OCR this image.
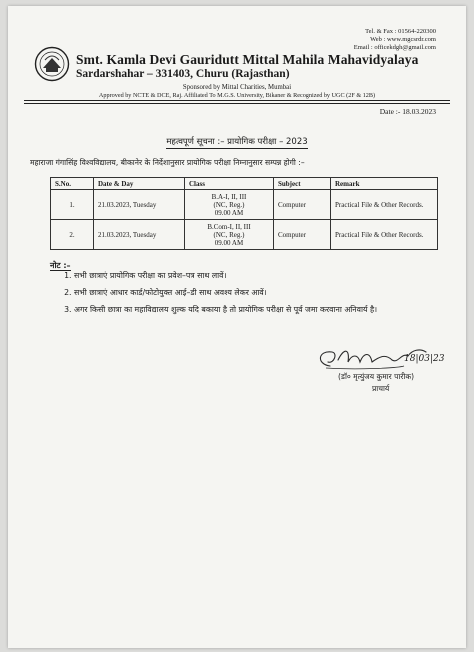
Tel. & Fax : 01564-220300
Web : www.mgcsrdr.com
Email : officekdgh@gmail.com
Smt. Kamla Devi Gauridutt Mittal Mahila Mahavidyalaya
Sardarshahar – 331403, Churu (Rajasthan)
Sponsored by Mittal Charities, Mumbai
Approved by NCTE & DCE, Raj. Affiliated To M.G.S. University, Bikaner & Recognized by UGC (2F & 12B)
Date :- 18.03.2023
महत्वपूर्ण सूचना :– प्रायोगिक परीक्षा – 2023
महाराजा गंगासिंह विश्वविद्यालय, बीकानेर के निर्देशानुसार प्रायोगिक परीक्षा निम्नानुसार सम्पन्न होगी :–
S.No.	Date & Day	Class	Subject	Remark
1.	21.03.2023, Tuesday	B.A-I, II, III
(NC, Reg.)
09.00 AM	Computer	Practical File & Other Records.
2.	21.03.2023, Tuesday	B.Com-I, II, III
(NC, Reg.)
09.00 AM	Computer	Practical File & Other Records.
नोट :–
1. सभी छात्राएं प्रायोगिक परीक्षा का प्रवेश–पत्र साथ लावें।
2. सभी छात्राएं आधार कार्ड/फोटोयुक्त आई–डी साथ अवश्य लेकर आवें।
3. अगर किसी छात्रा का महाविद्यालय शुल्क यदि बकाया है तो प्रायोगिक परीक्षा से पूर्व जमा करवाना अनिवार्य है।
18|03|23
(डॉ० मृत्युंजय कुमार पारीक)
प्राचार्य
